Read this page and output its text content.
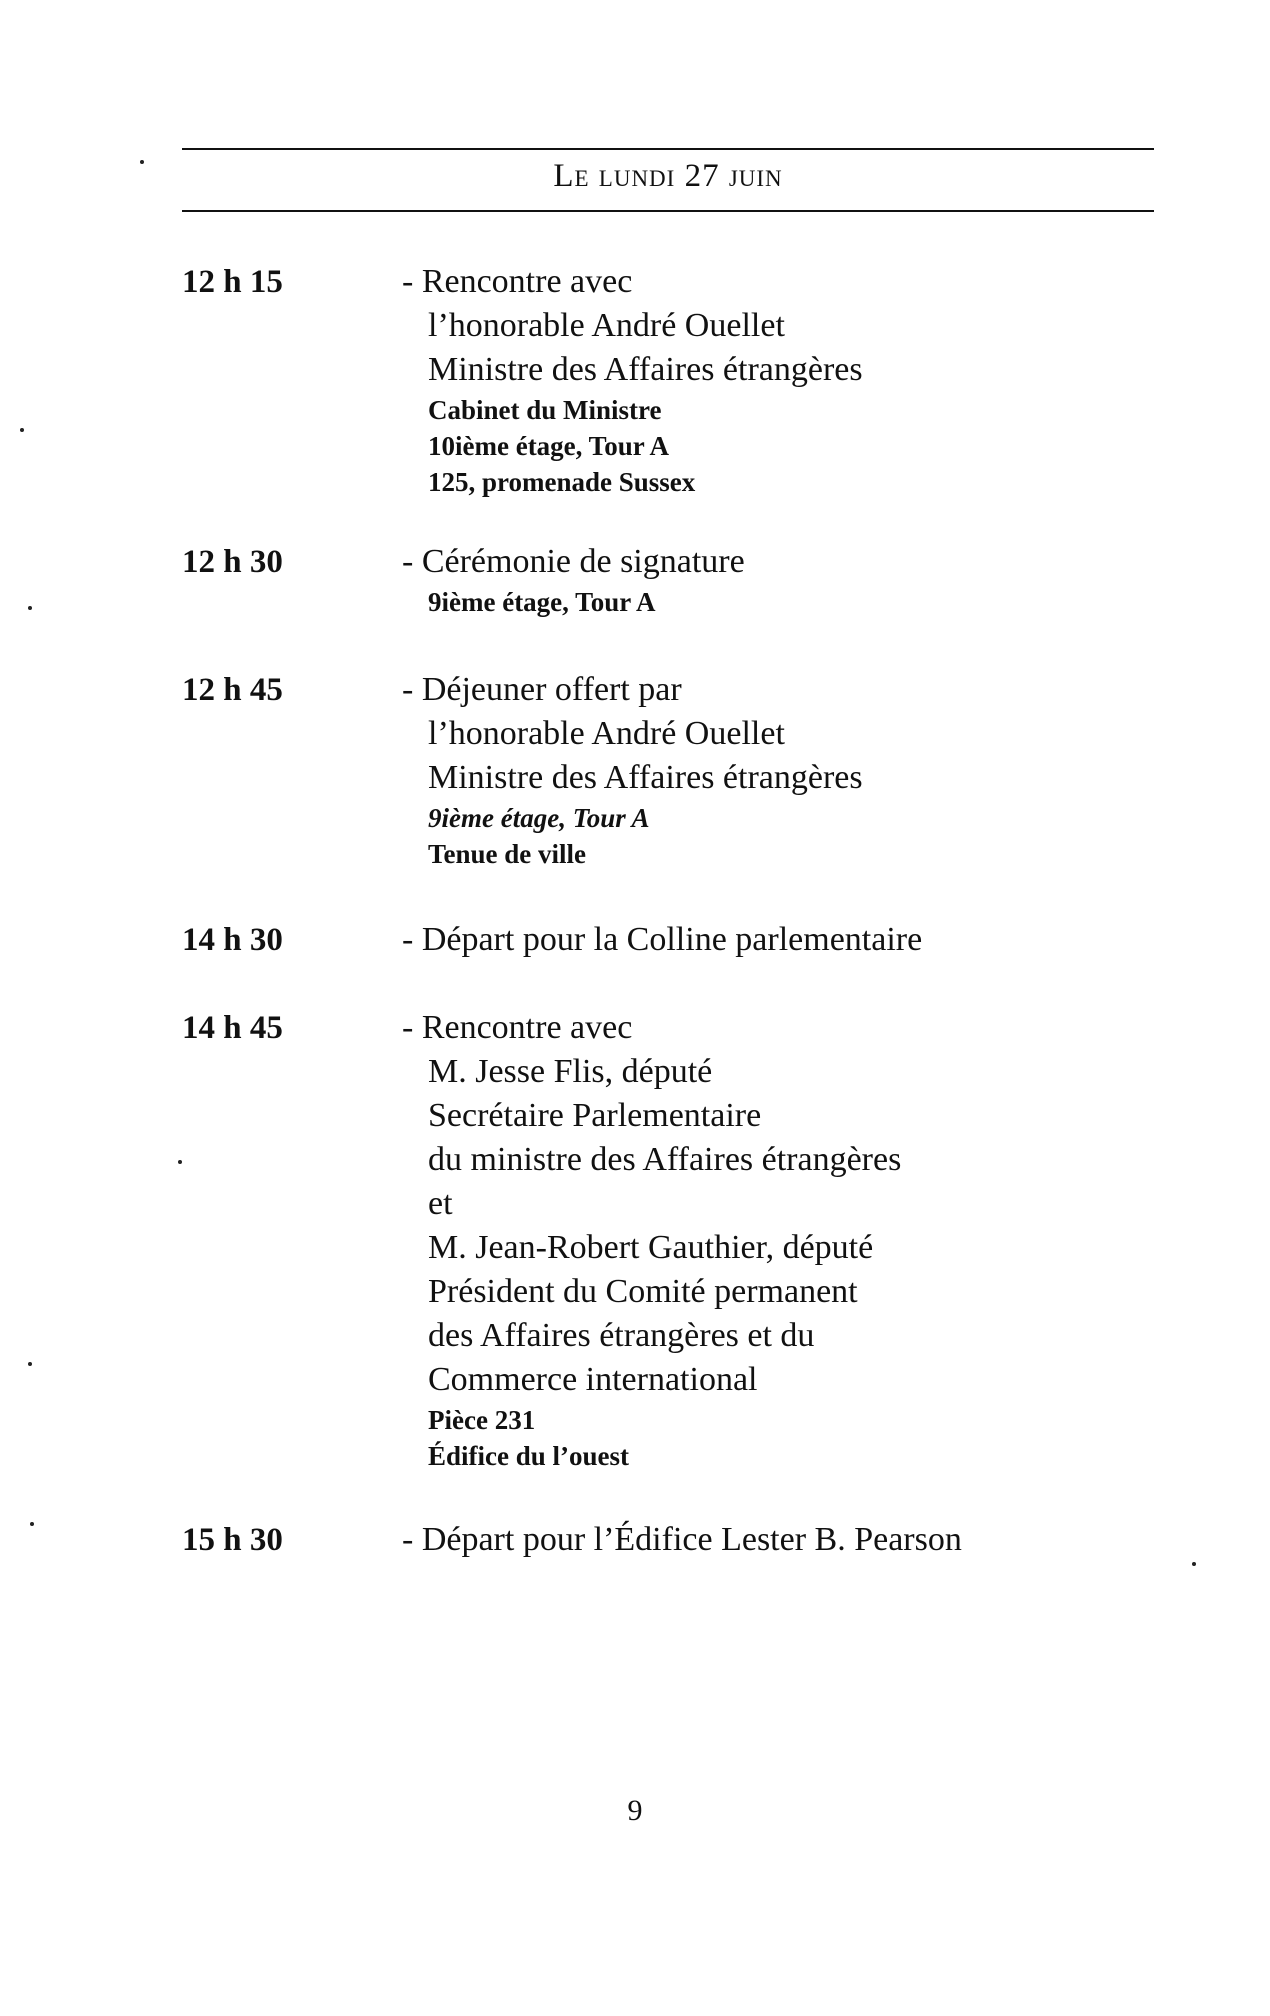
Le lundi 27 juin
12 h 15	- Rencontre avec
l’honorable André Ouellet
Ministre des Affaires étrangères
Cabinet du Ministre
10ième étage, Tour A
125, promenade Sussex
12 h 30	- Cérémonie de signature
9ième étage, Tour A
12 h 45	- Déjeuner offert par
l’honorable André Ouellet
Ministre des Affaires étrangères
9ième étage, Tour A
Tenue de ville
14 h 30	- Départ pour la Colline parlementaire
14 h 45	- Rencontre avec
M. Jesse Flis, député
Secrétaire Parlementaire
du ministre des Affaires étrangères
et
M. Jean-Robert Gauthier, député
Président du Comité permanent
des Affaires étrangères et du
Commerce international
Pièce 231
Édifice du l’ouest
15 h 30	- Départ pour l’Édifice Lester B. Pearson
9
